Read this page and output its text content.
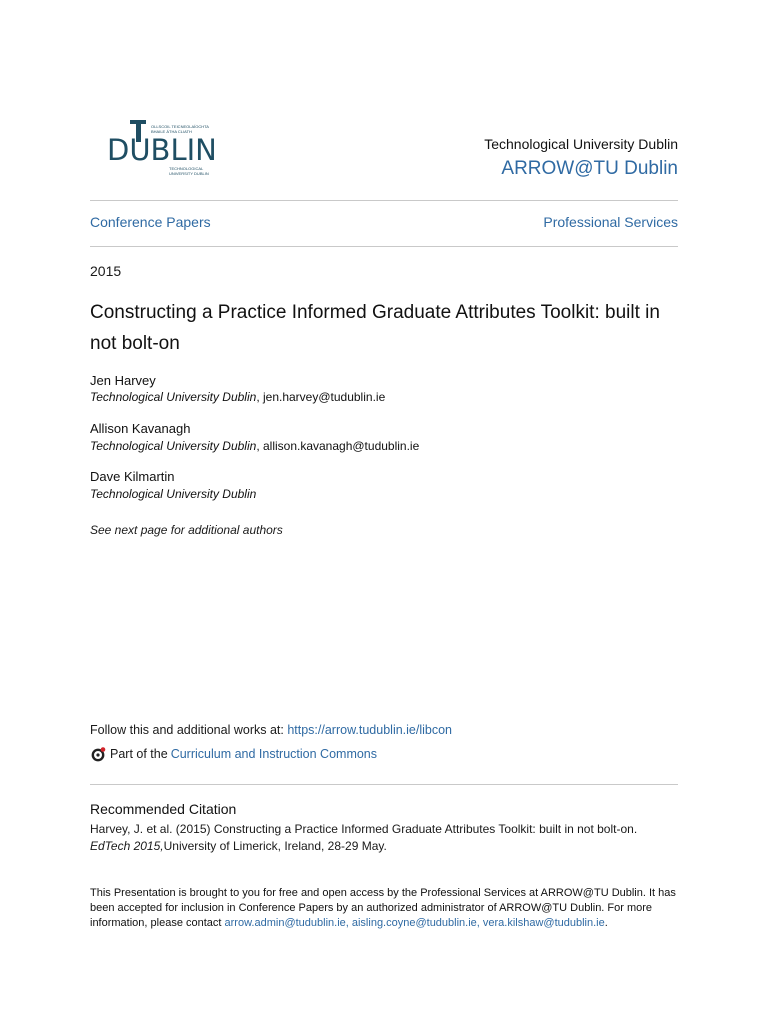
OLLSCOIL TEICNEOLAÍOCHTA BHAILE ÁTHA CLIATH
DUBLIN
TECHNOLOGICAL UNIVERSITY DUBLIN
Technological University Dublin
ARROW@TU Dublin
Conference Papers	Professional Services
2015
Constructing a Practice Informed Graduate Attributes Toolkit: built in not bolt-on
Jen Harvey
Technological University Dublin, jen.harvey@tudublin.ie
Allison Kavanagh
Technological University Dublin, allison.kavanagh@tudublin.ie
Dave Kilmartin
Technological University Dublin
See next page for additional authors
Follow this and additional works at: https://arrow.tudublin.ie/libcon
Part of the Curriculum and Instruction Commons
Recommended Citation
Harvey, J. et al. (2015) Constructing a Practice Informed Graduate Attributes Toolkit: built in not bolt-on.
EdTech 2015,University of Limerick, Ireland, 28-29 May.
This Presentation is brought to you for free and open access by the Professional Services at ARROW@TU Dublin. It has been accepted for inclusion in Conference Papers by an authorized administrator of ARROW@TU Dublin. For more information, please contact arrow.admin@tudublin.ie, aisling.coyne@tudublin.ie, vera.kilshaw@tudublin.ie.
